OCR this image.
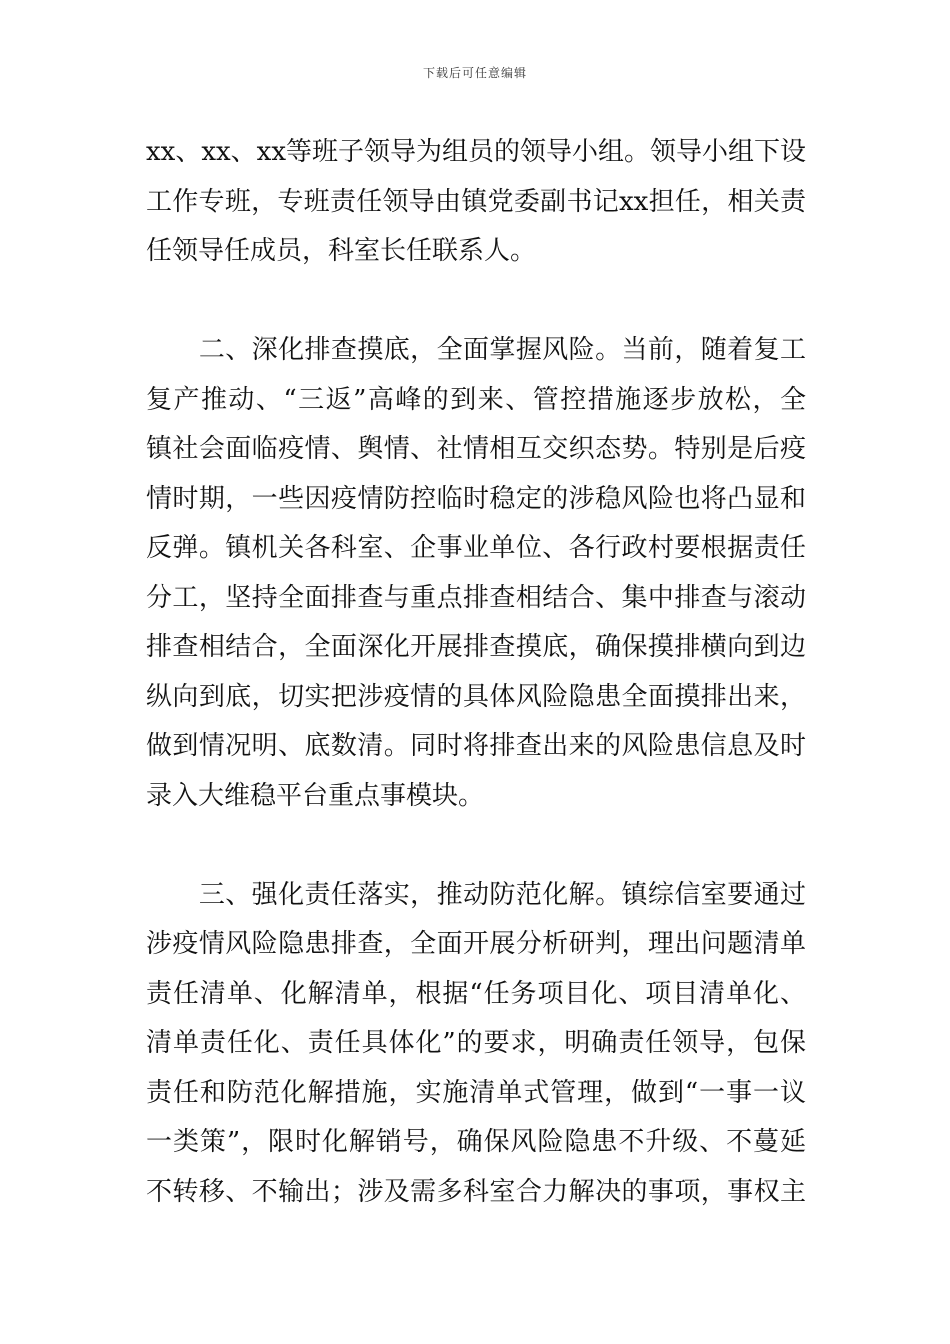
下载后可任意编辑
xx、xx、xx等班子领导为组员的领导小组。领导小组下设
工作专班，专班责任领导由镇党委副书记xx担任，相关责
任领导任成员，科室长任联系人。
　　二、深化排查摸底，全面掌握风险。当前，随着复工
复产推动、“三返”高峰的到来、管控措施逐步放松，全
镇社会面临疫情、舆情、社情相互交织态势。特别是后疫
情时期，一些因疫情防控临时稳定的涉稳风险也将凸显和
反弹。镇机关各科室、企事业单位、各行政村要根据责任
分工，坚持全面排查与重点排查相结合、集中排查与滚动
排查相结合，全面深化开展排查摸底，确保摸排横向到边
纵向到底，切实把涉疫情的具体风险隐患全面摸排出来，
做到情况明、底数清。同时将排查出来的风险患信息及时
录入大维稳平台重点事模块。
　　三、强化责任落实，推动防范化解。镇综信室要通过
涉疫情风险隐患排查，全面开展分析研判，理出问题清单
责任清单、化解清单，根据“任务项目化、项目清单化、
清单责任化、责任具体化”的要求，明确责任领导，包保
责任和防范化解措施，实施清单式管理，做到“一事一议
一类策”，限时化解销号，确保风险隐患不升级、不蔓延
不转移、不输出；涉及需多科室合力解决的事项，事权主
